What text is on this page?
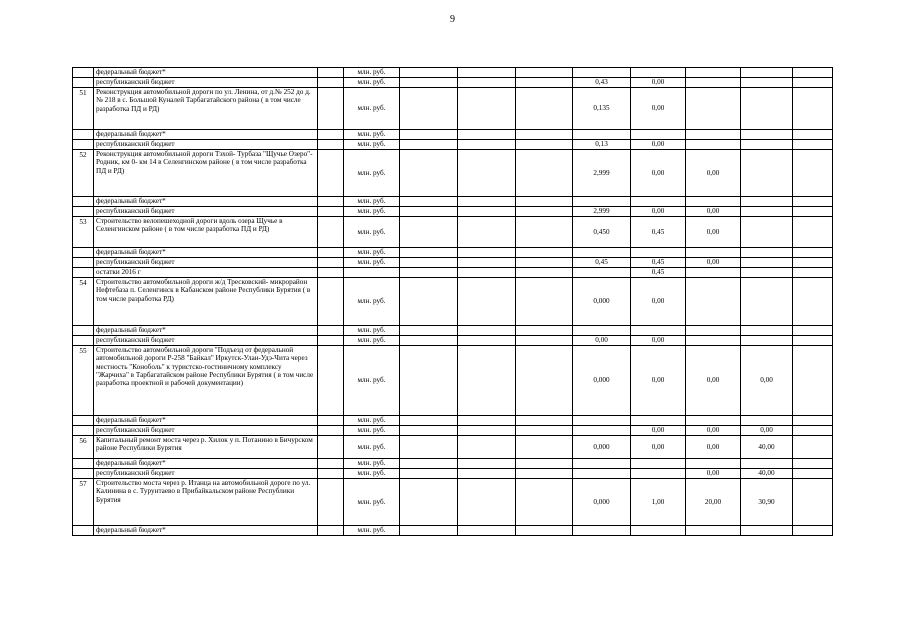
9
	федеральный бюджет*		млн. руб.								
	республиканский бюджет		млн. руб.				0,43	0,00			
51	Реконструкция автомобильной дороги по ул. Ленина, от д.№ 252 до д. № 218 в с. Большой Куналей Тарбагатайского района ( в том числе разработка ПД и РД)		млн. руб.				0,135	0,00			
	федеральный бюджет*		млн. руб.								
	республиканский бюджет		млн. руб.				0,13	0,00			
52	Реконструкция автомобильной дороги Тэхой- Турбаза "Щучье Озеро"- Родник, км 0- км 14 в Селенгинском районе ( в том числе разработка ПД и РД)		млн. руб.				2,999	0,00	0,00		
	федеральный бюджет*		млн. руб.								
	республиканский бюджет		млн. руб.				2,999	0,00	0,00		
53	Строительство велопешеходной дороги вдоль озера Щучье в Селенгинском районе ( в том числе разработка ПД и РД)		млн. руб.				0,450	0,45	0,00		
	федеральный бюджет*		млн. руб.								
	республиканский бюджет		млн. руб.				0,45	0,45	0,00		
	остатки 2016 г							0,45			
54	Строительство автомобильной дороги ж/д Тресковский- микрорайон Нефтебаза п. Селенгинск в Кабанском районе Республики Бурятия ( в том числе разработка РД)		млн. руб.				0,000	0,00			
	федеральный бюджет*		млн. руб.								
	республиканский бюджет		млн. руб.				0,00	0,00			
55	Строительство автомобильной дороги "Подъезд от федеральной автомобильной дороги Р-258 "Байкал" Иркутск-Улан-Удэ-Чита через местность "Коноболь" к туристско-гостиничному комплексу "Жарчиха" в Тарбагатайском районе Республики Бурятия ( в том числе разработка проектной и рабочей документации)		млн. руб.				0,000	0,00	0,00	0,00	
	федеральный бюджет*		млн. руб.								
	республиканский бюджет		млн. руб.					0,00	0,00	0,00	
56	Капитальный ремонт моста через р. Хилок у п. Потанино в Бичурском районе Республики Бурятия		млн. руб.				0,000	0,00	0,00	40,00	
	федеральный бюджет*		млн. руб.								
	республиканский бюджет		млн. руб.						0,00	40,00	
57	Строительство моста через р. Итанца на автомобильной дороге по ул. Калинина в с. Турунтаево в Прибайкальском районе Республики Бурятия		млн. руб.				0,000	1,00	20,00	30,90	
	федеральный бюджет*		млн. руб.								
